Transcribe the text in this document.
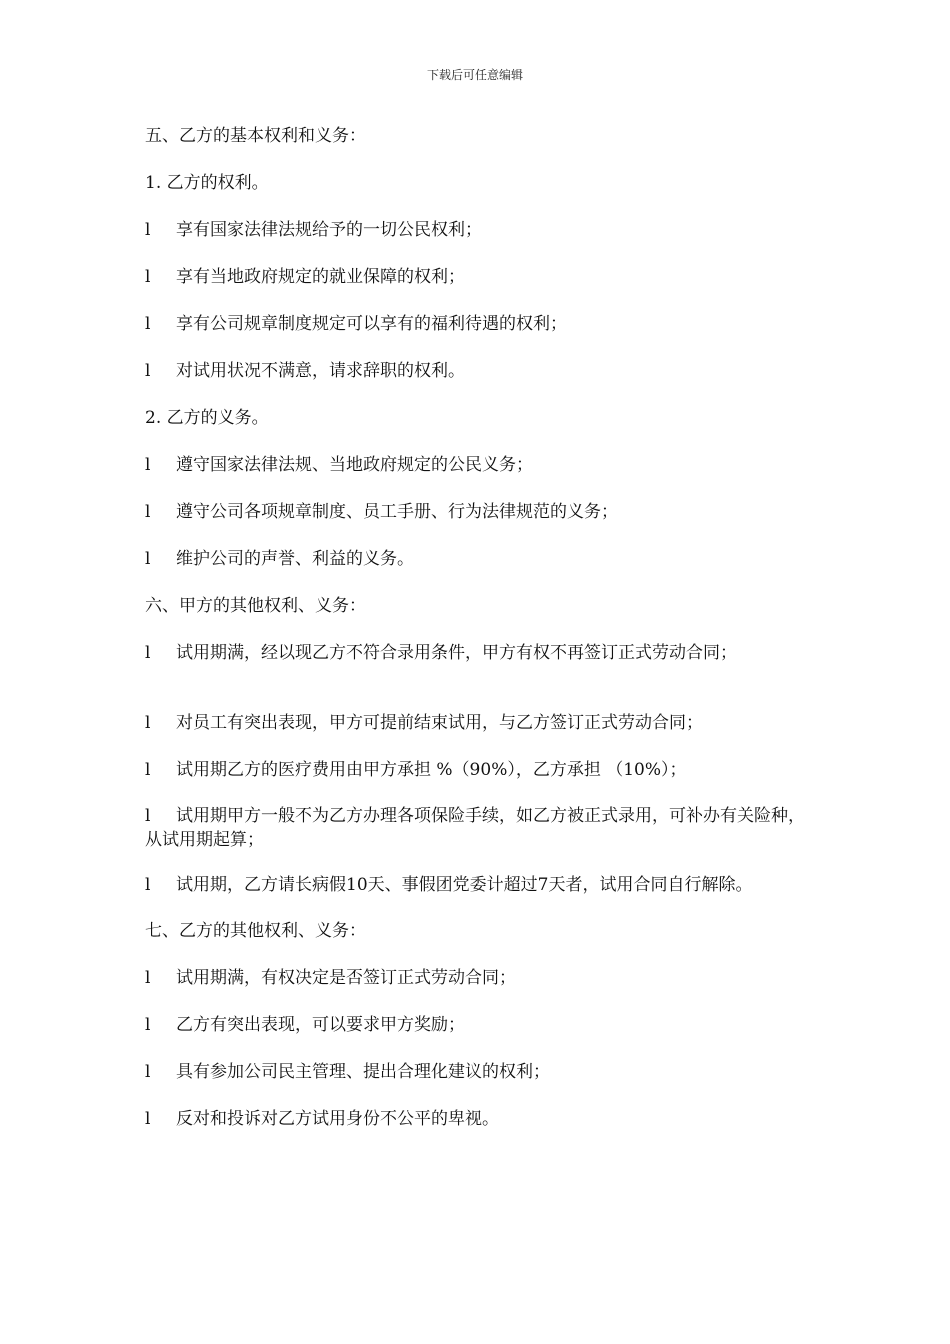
下载后可任意编辑

五、乙方的基本权利和义务：

1. 乙方的权利。

l 享有国家法律法规给予的一切公民权利；

l 享有当地政府规定的就业保障的权利；

l 享有公司规章制度规定可以享有的福利待遇的权利；

l 对试用状况不满意，请求辞职的权利。

2. 乙方的义务。

l 遵守国家法律法规、当地政府规定的公民义务；

l 遵守公司各项规章制度、员工手册、行为法律规范的义务；

l 维护公司的声誉、利益的义务。

六、甲方的其他权利、义务：

l 试用期满，经以现乙方不符合录用条件，甲方有权不再签订正式劳动合同；

l 对员工有突出表现，甲方可提前结束试用，与乙方签订正式劳动合同；

l 试用期乙方的医疗费用由甲方承担 %（90%），乙方承担 （10%）；

l 试用期甲方一般不为乙方办理各项保险手续，如乙方被正式录用，可补办有关险种，从试用期起算；

l 试用期，乙方请长病假10天、事假团党委计超过7天者，试用合同自行解除。

七、乙方的其他权利、义务：

l 试用期满，有权决定是否签订正式劳动合同；

l 乙方有突出表现，可以要求甲方奖励；

l 具有参加公司民主管理、提出合理化建议的权利；

l 反对和投诉对乙方试用身份不公平的卑视。
